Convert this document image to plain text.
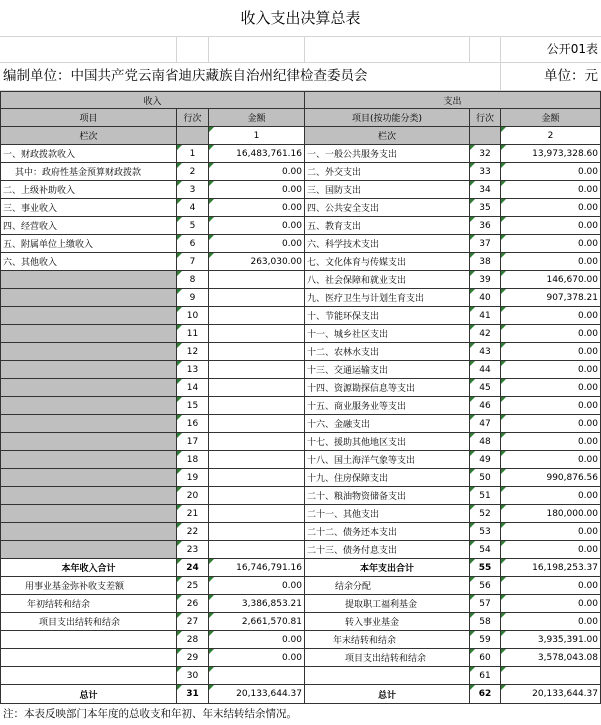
收入支出决算总表
公开01表
编制单位：中国共产党云南省迪庆藏族自治州纪律检查委员会	单位：元
收入			支出		
项目	行次	金额	项目(按功能分类)	行次	金额
栏次		1	栏次		2
一、财政拨款收入	1	16,483,761.16	一、一般公共服务支出	32	13,973,328.60
其中：政府性基金预算财政拨款	2	0.00	二、外交支出	33	0.00
二、上级补助收入	3	0.00	三、国防支出	34	0.00
三、事业收入	4	0.00	四、公共安全支出	35	0.00
四、经营收入	5	0.00	五、教育支出	36	0.00
五、附属单位上缴收入	6	0.00	六、科学技术支出	37	0.00
六、其他收入	7	263,030.00	七、文化体育与传媒支出	38	0.00
	8		八、社会保障和就业支出	39	146,670.00
	9		九、医疗卫生与计划生育支出	40	907,378.21
	10		十、节能环保支出	41	0.00
	11		十一、城乡社区支出	42	0.00
	12		十二、农林水支出	43	0.00
	13		十三、交通运输支出	44	0.00
	14		十四、资源勘探信息等支出	45	0.00
	15		十五、商业服务业等支出	46	0.00
	16		十六、金融支出	47	0.00
	17		十七、援助其他地区支出	48	0.00
	18		十八、国土海洋气象等支出	49	0.00
	19		十九、住房保障支出	50	990,876.56
	20		二十、粮油物资储备支出	51	0.00
	21		二十一、其他支出	52	180,000.00
	22		二十二、债务还本支出	53	0.00
	23		二十三、债务付息支出	54	0.00
本年收入合计	24	16,746,791.16	本年支出合计	55	16,198,253.37
用事业基金弥补收支差额	25	0.00	结余分配	56	0.00
年初结转和结余	26	3,386,853.21	提取职工福利基金	57	0.00
项目支出结转和结余	27	2,661,570.81	转入事业基金	58	0.00
	28	0.00	年末结转和结余	59	3,935,391.00
	29	0.00	项目支出结转和结余	60	3,578,043.08
	30			61	
总计	31	20,133,644.37	总计	62	20,133,644.37
注：本表反映部门本年度的总收支和年初、年末结转结余情况。
